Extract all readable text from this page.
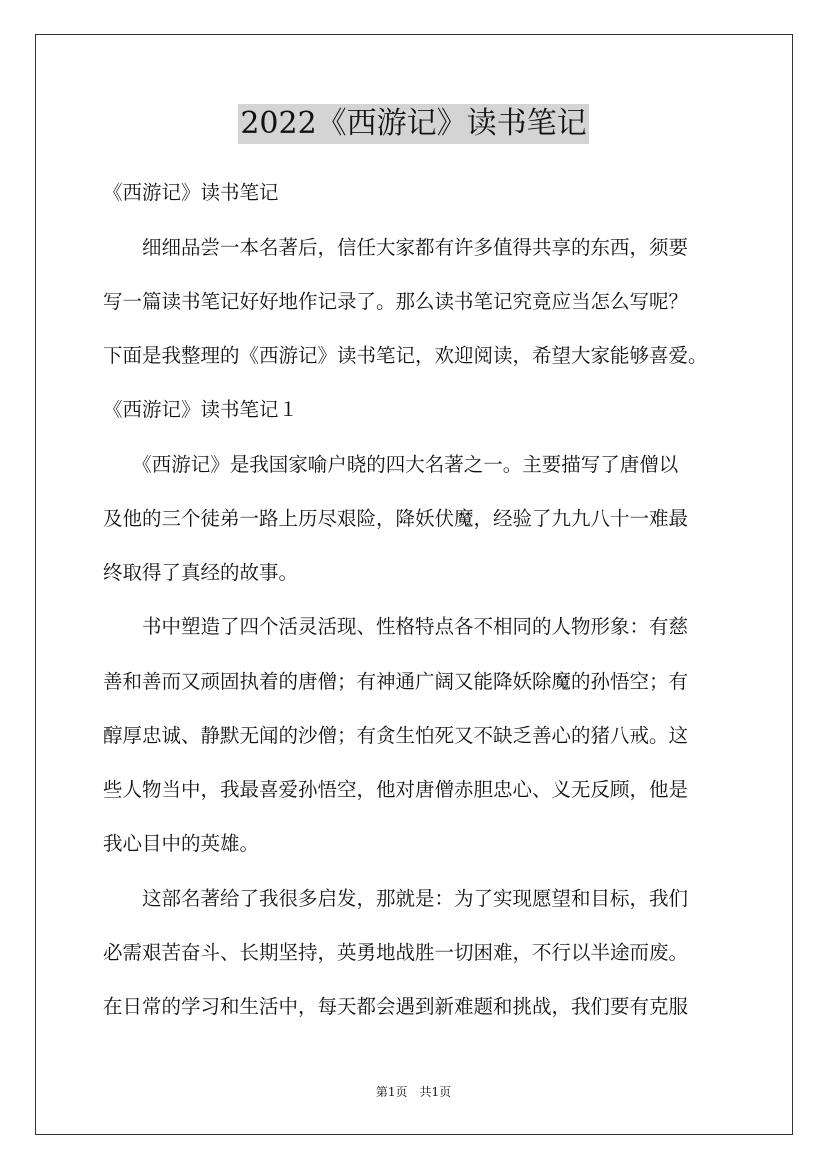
2022《西游记》读书笔记
《西游记》读书笔记
　　细细品尝一本名著后，信任大家都有许多值得共享的东西，须要
写一篇读书笔记好好地作记录了。那么读书笔记究竟应当怎么写呢？
下面是我整理的《西游记》读书笔记，欢迎阅读，希望大家能够喜爱。
《西游记》读书笔记１
　　《西游记》是我国家喻户晓的四大名著之一。主要描写了唐僧以
及他的三个徒弟一路上历尽艰险，降妖伏魔，经验了九九八十一难最
终取得了真经的故事。
　　书中塑造了四个活灵活现、性格特点各不相同的人物形象：有慈
善和善而又顽固执着的唐僧；有神通广阔又能降妖除魔的孙悟空；有
醇厚忠诚、静默无闻的沙僧；有贪生怕死又不缺乏善心的猪八戒。这
些人物当中，我最喜爱孙悟空，他对唐僧赤胆忠心、义无反顾，他是
我心目中的英雄。
　　这部名著给了我很多启发，那就是：为了实现愿望和目标，我们
必需艰苦奋斗、长期坚持，英勇地战胜一切困难，不行以半途而废。
在日常的学习和生活中，每天都会遇到新难题和挑战，我们要有克服
第1页　共1页
